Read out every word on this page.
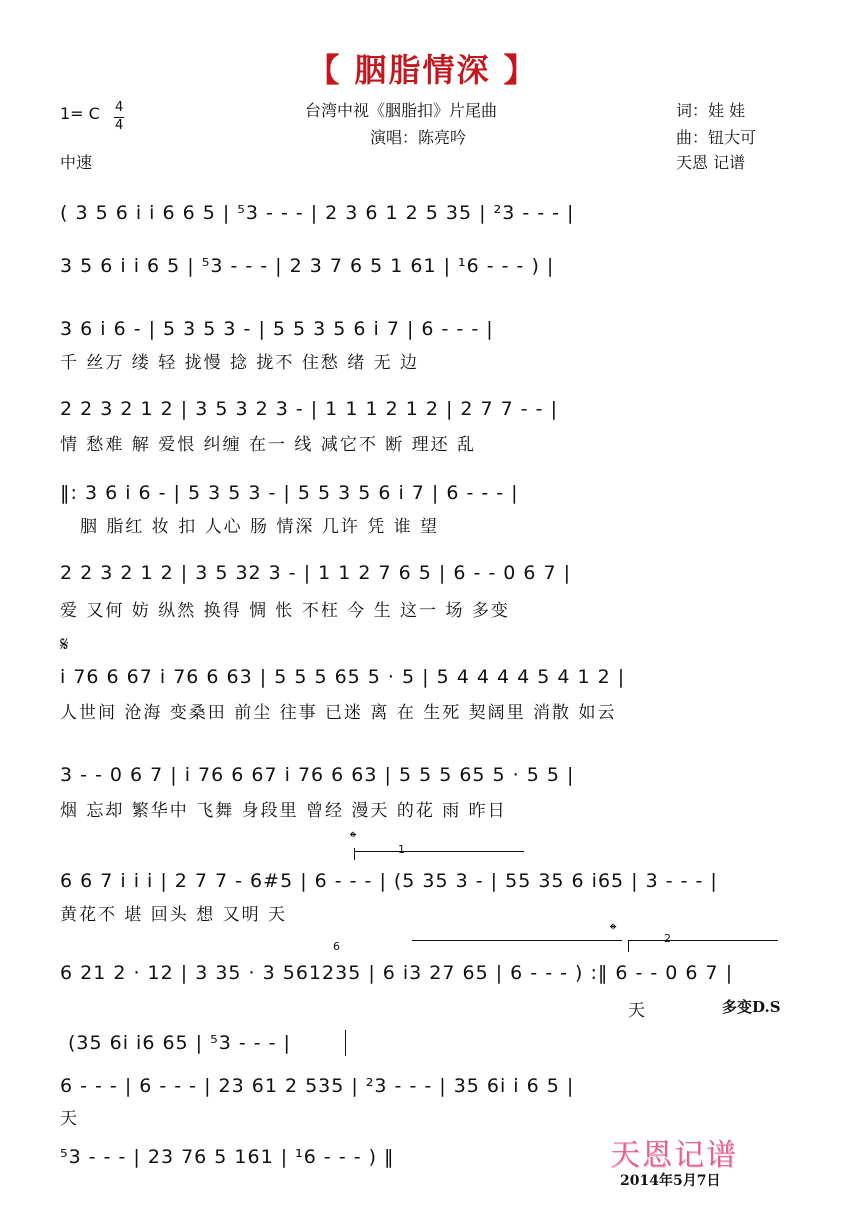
【 胭脂情深 】
1= C 4
4
中速
台湾中视《胭脂扣》片尾曲
演唱：陈亮吟
词：娃 娃
曲：钮大可
天恩 记谱
( 3 5 6 i i 6 6 5 | ⁵3 - - - | 2 3 6 1 2 5 35 | ²3 - - - |
3 5 6 i i 6 5 | ⁵3 - - - | 2 3 7 6 5 1 61 | ¹6 - - - ) |
3 6 i 6 - | 5 3 5 3 - | 5 5 3 5 6 i 7 | 6 - - - |
千 丝万 缕 轻 拢慢 捻 拢不 住愁 绪 无 边
2 2 3 2 1 2 | 3 5 3 2 3 - | 1 1 1 2 1 2 | 2 7 7 - - |
情 愁难 解 爱恨 纠缠 在一 线 减它不 断 理还 乱
‖: 3 6 i 6 - | 5 3 5 3 - | 5 5 3 5 6 i 7 | 6 - - - |
胭 脂红 妆 扣 人心 肠 情深 几许 凭 谁 望
2 2 3 2 1 2 | 3 5 32 3 - | 1 1 2 7 6 5 | 6 - - 0 6 7 |
爱 又何 妨 纵然 换得 惆 怅 不枉 今 生 这一 场 多变
𝄋
i 76 6 67 i 76 6 63 | 5 5 5 65 5 · 5 | 5 4 4 4 4 5 4 1 2 |
人世间 沧海 变桑田 前尘 往事 已迷 离 在 生死 契阔里 消散 如云
3 - - 0 6 7 | i 76 6 67 i 76 6 63 | 5 5 5 65 5 · 5 5 |
烟 忘却 繁华中 飞舞 身段里 曾经 漫天 的花 雨 昨日
𝄌
1
6 6 7 i i i | 2 7 7 - 6#5 | 6 - - - | (5 35 3 - | 55 35 6 i65 | 3 - - - |
黄花不 堪 回头 想 又明 天
𝄌	2
6
6 21 2 · 12 | 3 35 · 3 561235 | 6 i3 27 65 | 6 - - - ) :‖ 6 - - 0 6 7 |
天	多变D.S
(35 6i i6 65 | ⁵3 - - - |
6 - - - | 6 - - - | 23 61 2 535 | ²3 - - - | 35 6i i 6 5 |
天
⁵3 - - - | 23 76 5 161 | ¹6 - - - ) ‖	天恩记谱
2014年5月7日
